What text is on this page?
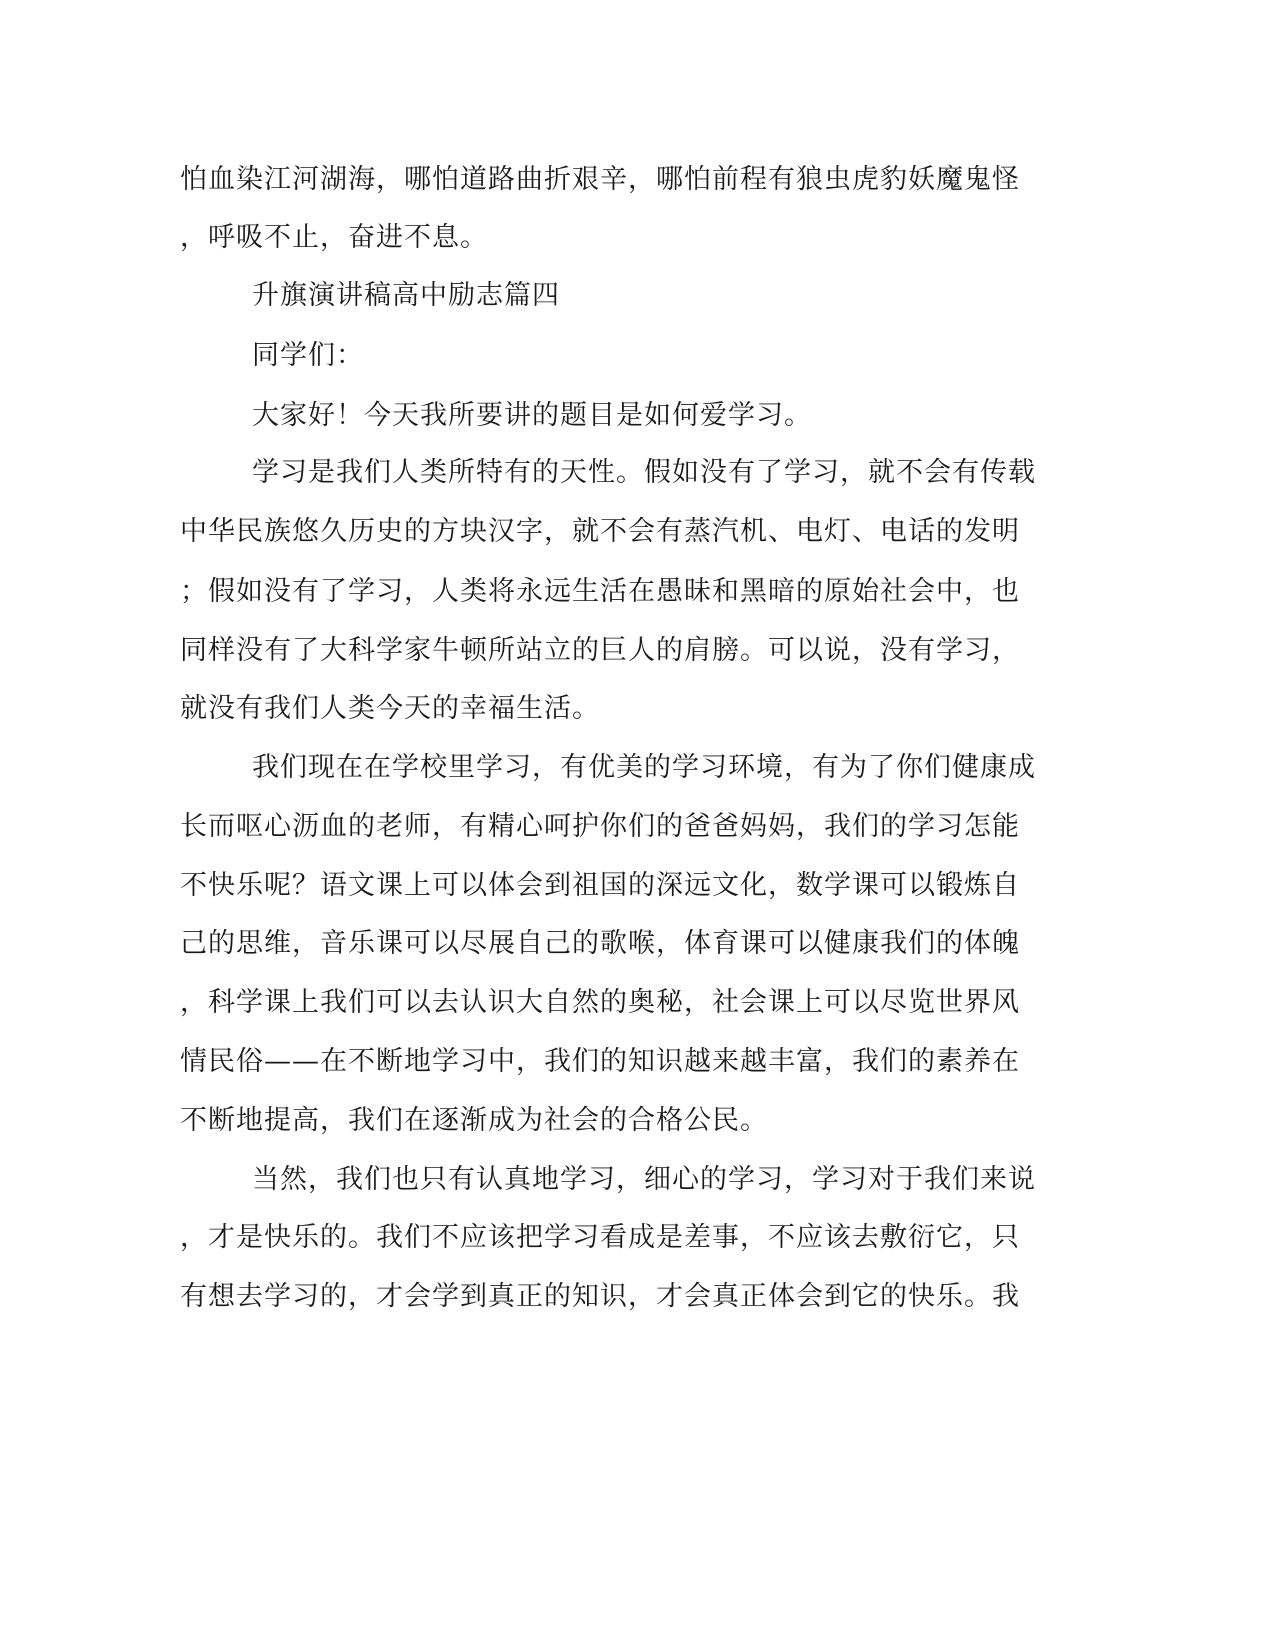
怕血染江河湖海，哪怕道路曲折艰辛，哪怕前程有狼虫虎豹妖魔鬼怪
，呼吸不止，奋进不息。
升旗演讲稿高中励志篇四
同学们：
大家好！今天我所要讲的题目是如何爱学习。
学习是我们人类所特有的天性。假如没有了学习，就不会有传载
中华民族悠久历史的方块汉字，就不会有蒸汽机、电灯、电话的发明
；假如没有了学习，人类将永远生活在愚昧和黑暗的原始社会中，也
同样没有了大科学家牛顿所站立的巨人的肩膀。可以说，没有学习，
就没有我们人类今天的幸福生活。
我们现在在学校里学习，有优美的学习环境，有为了你们健康成
长而呕心沥血的老师，有精心呵护你们的爸爸妈妈，我们的学习怎能
不快乐呢？语文课上可以体会到祖国的深远文化，数学课可以锻炼自
己的思维，音乐课可以尽展自己的歌喉，体育课可以健康我们的体魄
，科学课上我们可以去认识大自然的奥秘，社会课上可以尽览世界风
情民俗——在不断地学习中，我们的知识越来越丰富，我们的素养在
不断地提高，我们在逐渐成为社会的合格公民。
当然，我们也只有认真地学习，细心的学习，学习对于我们来说
，才是快乐的。我们不应该把学习看成是差事，不应该去敷衍它，只
有想去学习的，才会学到真正的知识，才会真正体会到它的快乐。我
